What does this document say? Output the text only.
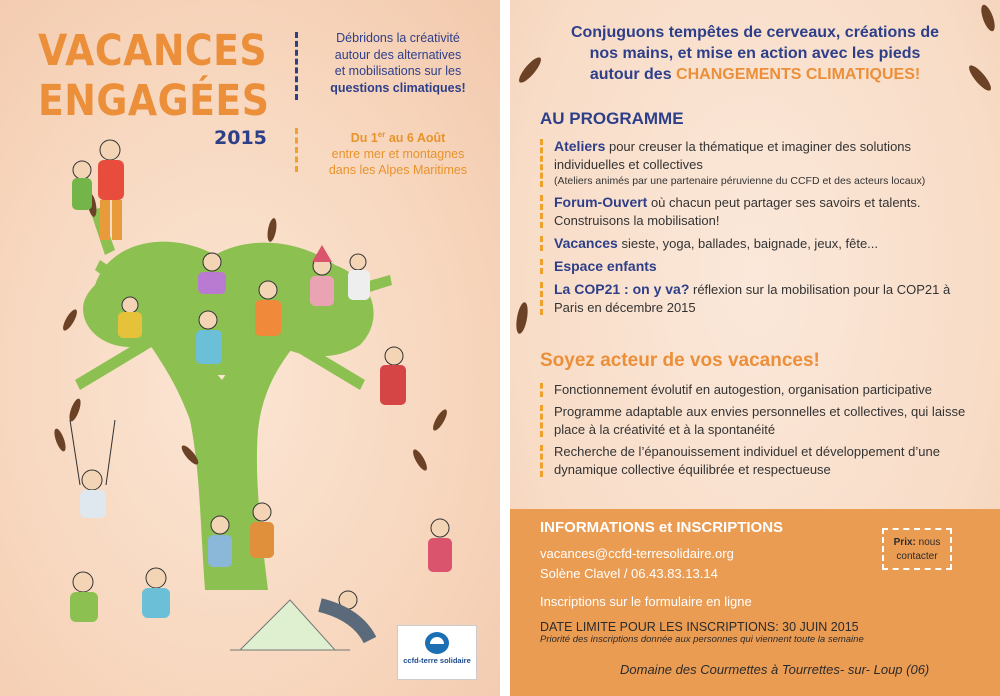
VACANCES
ENGAGÉES
2015
Débridons la créativité
autour des alternatives
et mobilisations sur les
questions climatiques!
Du 1er au 6 Août
entre mer et montagnes
dans les Alpes Maritimes
ccfd-terre solidaire
Conjuguons tempêtes de cerveaux, créations de
nos mains, et mise en action avec les pieds
autour des CHANGEMENTS CLIMATIQUES!
AU PROGRAMME
Ateliers pour creuser la thématique et imaginer des solutions individuelles et collectives
(Ateliers animés par une partenaire péruvienne du CCFD et des acteurs locaux)
Forum-Ouvert où chacun peut partager ses savoirs et talents. Construisons la mobilisation!
Vacances sieste, yoga, ballades, baignade, jeux, fête...
Espace enfants
La COP21 : on y va? réflexion sur la mobilisation pour la COP21 à Paris en décembre 2015
Soyez acteur de vos vacances!
Fonctionnement évolutif en autogestion, organisation participative
Programme adaptable aux envies personnelles et collectives, qui laisse place à la créativité et à la spontanéité
Recherche de l’épanouissement individuel et développement d’une dynamique collective équilibrée et respectueuse
INFORMATIONS et INSCRIPTIONS
vacances@ccfd-terresolidaire.org
Solène Clavel / 06.43.83.13.14
Inscriptions sur le formulaire en ligne
Prix: nous contacter
DATE LIMITE POUR LES INSCRIPTIONS: 30 JUIN 2015
Priorité des inscriptions donnée aux personnes qui viennent toute la semaine
Domaine des Courmettes à Tourrettes- sur- Loup (06)
